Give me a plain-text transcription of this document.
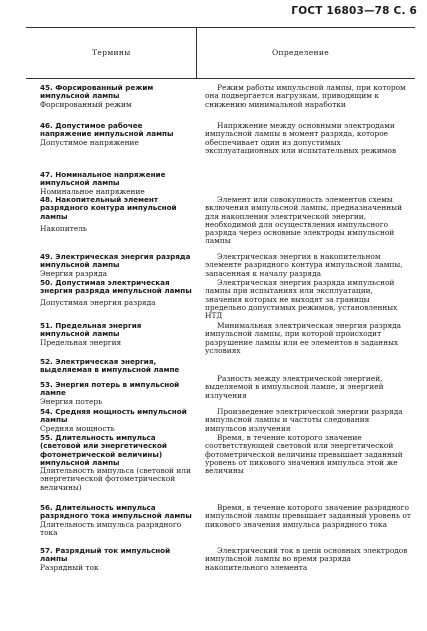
ГОСТ 16803—78 С. 6
Термины	Определение
45. Форсированный режим импульсной лампы
Форсированный режим
Режим работы импульсной лампы, при котором она подвергается нагрузкам, приводящим к снижению минимальной наработки
46. Допустимое рабочее напряжение импульсной лампы
Допустимое напряжение
Напряжение между основными электродами импульсной лампы в момент разряда, которое обеспечивает один из допустимых эксплуатационных или испытательных режимов
47. Номинальное напряжение импульсной лампы
Номинальное напряжение
48. Накопительный элемент разрядного контура импульсной лампы
Накопитель
Элемент или совокупность элементов схемы включения импульсной лампы, предназначенный для накопления электрической энергии, необходимой для осуществления импульсного разряда через основные электроды импульсной лампы
49. Электрическая энергия разряда импульсной лампы
Энергия разряда
Электрическая энергия в накопительном элементе разрядного контура импульсной лампы, запасенная к началу разряда
50. Допустимая электрическая энергия разряда импульсной лампы
Допустимая энергия разряда
Электрическая энергия разряда импульсной лампы при испытаниях или эксплуатации, значения которых не выходят за границы предельно допустимых режимов, установленных НТД
51. Предельная энергия импульсной лампы
Предельная энергия
Минимальная электрическая энергия разряда импульсной лампы, при которой происходит разрушение лампы или ее элементов в заданных условиях
52. Электрическая энергия, выделяемая в импульсной лампе
Разность между электрической энергией, выделяемой в импульсной лампе, и энергией излучения
53. Энергия потерь в импульсной лампе
Энергия потерь
54. Средняя мощность импульсной лампы
Средняя мощность
Произведение электрической энергии разряда импульсной лампы и частоты следования импульсов излучения
55. Длительность импульса (световой или энергетической фотометрической величины) импульсной лампы
Длительность импульса (световой или энергетической фотометрической величины)
Время, в течение которого значение соответствующей световой или энергетической фотометрической величины превышает заданный уровень от пикового значения импульса этой же величины
56. Длительность импульса разрядного тока импульсной лампы
Длительность импульса разрядного тока
Время, в течение которого значение разрядного импульсной лампы превышает заданный уровень от пикового значения импульса разрядного тока
57. Разрядный ток импульсной лампы
Разрядный ток
Электрический ток в цепи основных электродов импульсной лампы во время разряда накопительного элемента
